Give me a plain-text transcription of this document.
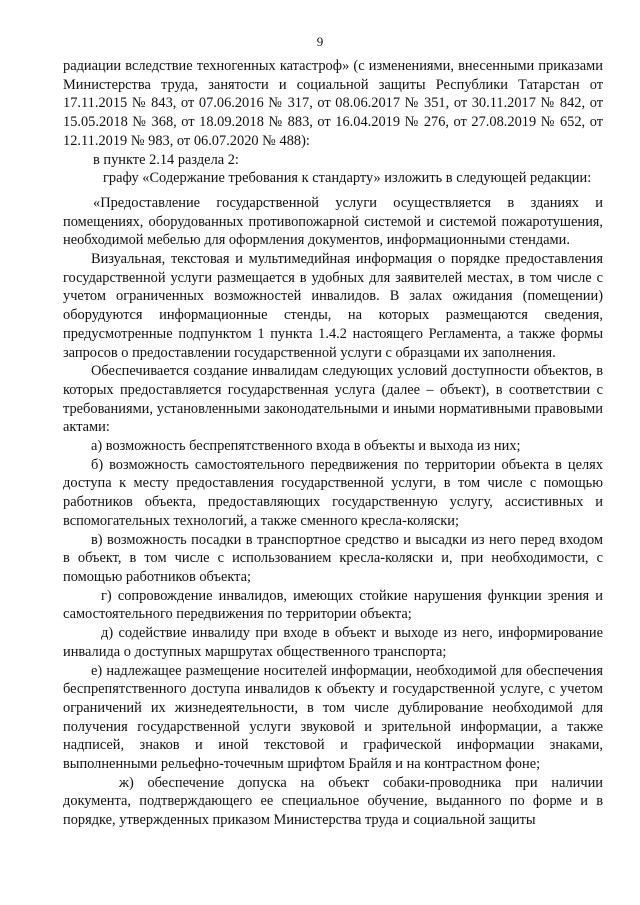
9

радиации вследствие техногенных катастроф» (с изменениями, внесенными приказами Министерства труда, занятости и социальной защиты Республики Татарстан от 17.11.2015 № 843, от 07.06.2016 № 317, от 08.06.2017 № 351, от 30.11.2017 № 842, от 15.05.2018 № 368, от 18.09.2018 № 883, от 16.04.2019 № 276, от 27.08.2019 № 652, от 12.11.2019 № 983, от 06.07.2020 № 488):

в пункте 2.14 раздела 2:

графу «Содержание требования к стандарту» изложить в следующей редакции:

«Предоставление государственной услуги осуществляется в зданиях и помещениях, оборудованных противопожарной системой и системой пожаротушения, необходимой мебелью для оформления документов, информационными стендами.

Визуальная, текстовая и мультимедийная информация о порядке предоставления государственной услуги размещается в удобных для заявителей местах, в том числе с учетом ограниченных возможностей инвалидов. В залах ожидания (помещении) оборудуются информационные стенды, на которых размещаются сведения, предусмотренные подпунктом 1 пункта 1.4.2 настоящего Регламента, а также формы запросов о предоставлении государственной услуги с образцами их заполнения.

Обеспечивается создание инвалидам следующих условий доступности объектов, в которых предоставляется государственная услуга (далее – объект), в соответствии с требованиями, установленными законодательными и иными нормативными правовыми актами:

а) возможность беспрепятственного входа в объекты и выхода из них;

б) возможность самостоятельного передвижения по территории объекта в целях доступа к месту предоставления государственной услуги, в том числе с помощью работников объекта, предоставляющих государственную услугу, ассистивных и вспомогательных технологий, а также сменного кресла-коляски;

в) возможность посадки в транспортное средство и высадки из него перед входом в объект, в том числе с использованием кресла-коляски и, при необходимости, с помощью работников объекта;

г) сопровождение инвалидов, имеющих стойкие нарушения функции зрения и самостоятельного передвижения по территории объекта;

д) содействие инвалиду при входе в объект и выходе из него, информирование инвалида о доступных маршрутах общественного транспорта;

е) надлежащее размещение носителей информации, необходимой для обеспечения беспрепятственного доступа инвалидов к объекту и государственной услуге, с учетом ограничений их жизнедеятельности, в том числе дублирование необходимой для получения государственной услуги звуковой и зрительной информации, а также надписей, знаков и иной текстовой и графической информации знаками, выполненными рельефно-точечным шрифтом Брайля и на контрастном фоне;

ж) обеспечение допуска на объект собаки-проводника при наличии документа, подтверждающего ее специальное обучение, выданного по форме и в порядке, утвержденных приказом Министерства труда и социальной защиты
